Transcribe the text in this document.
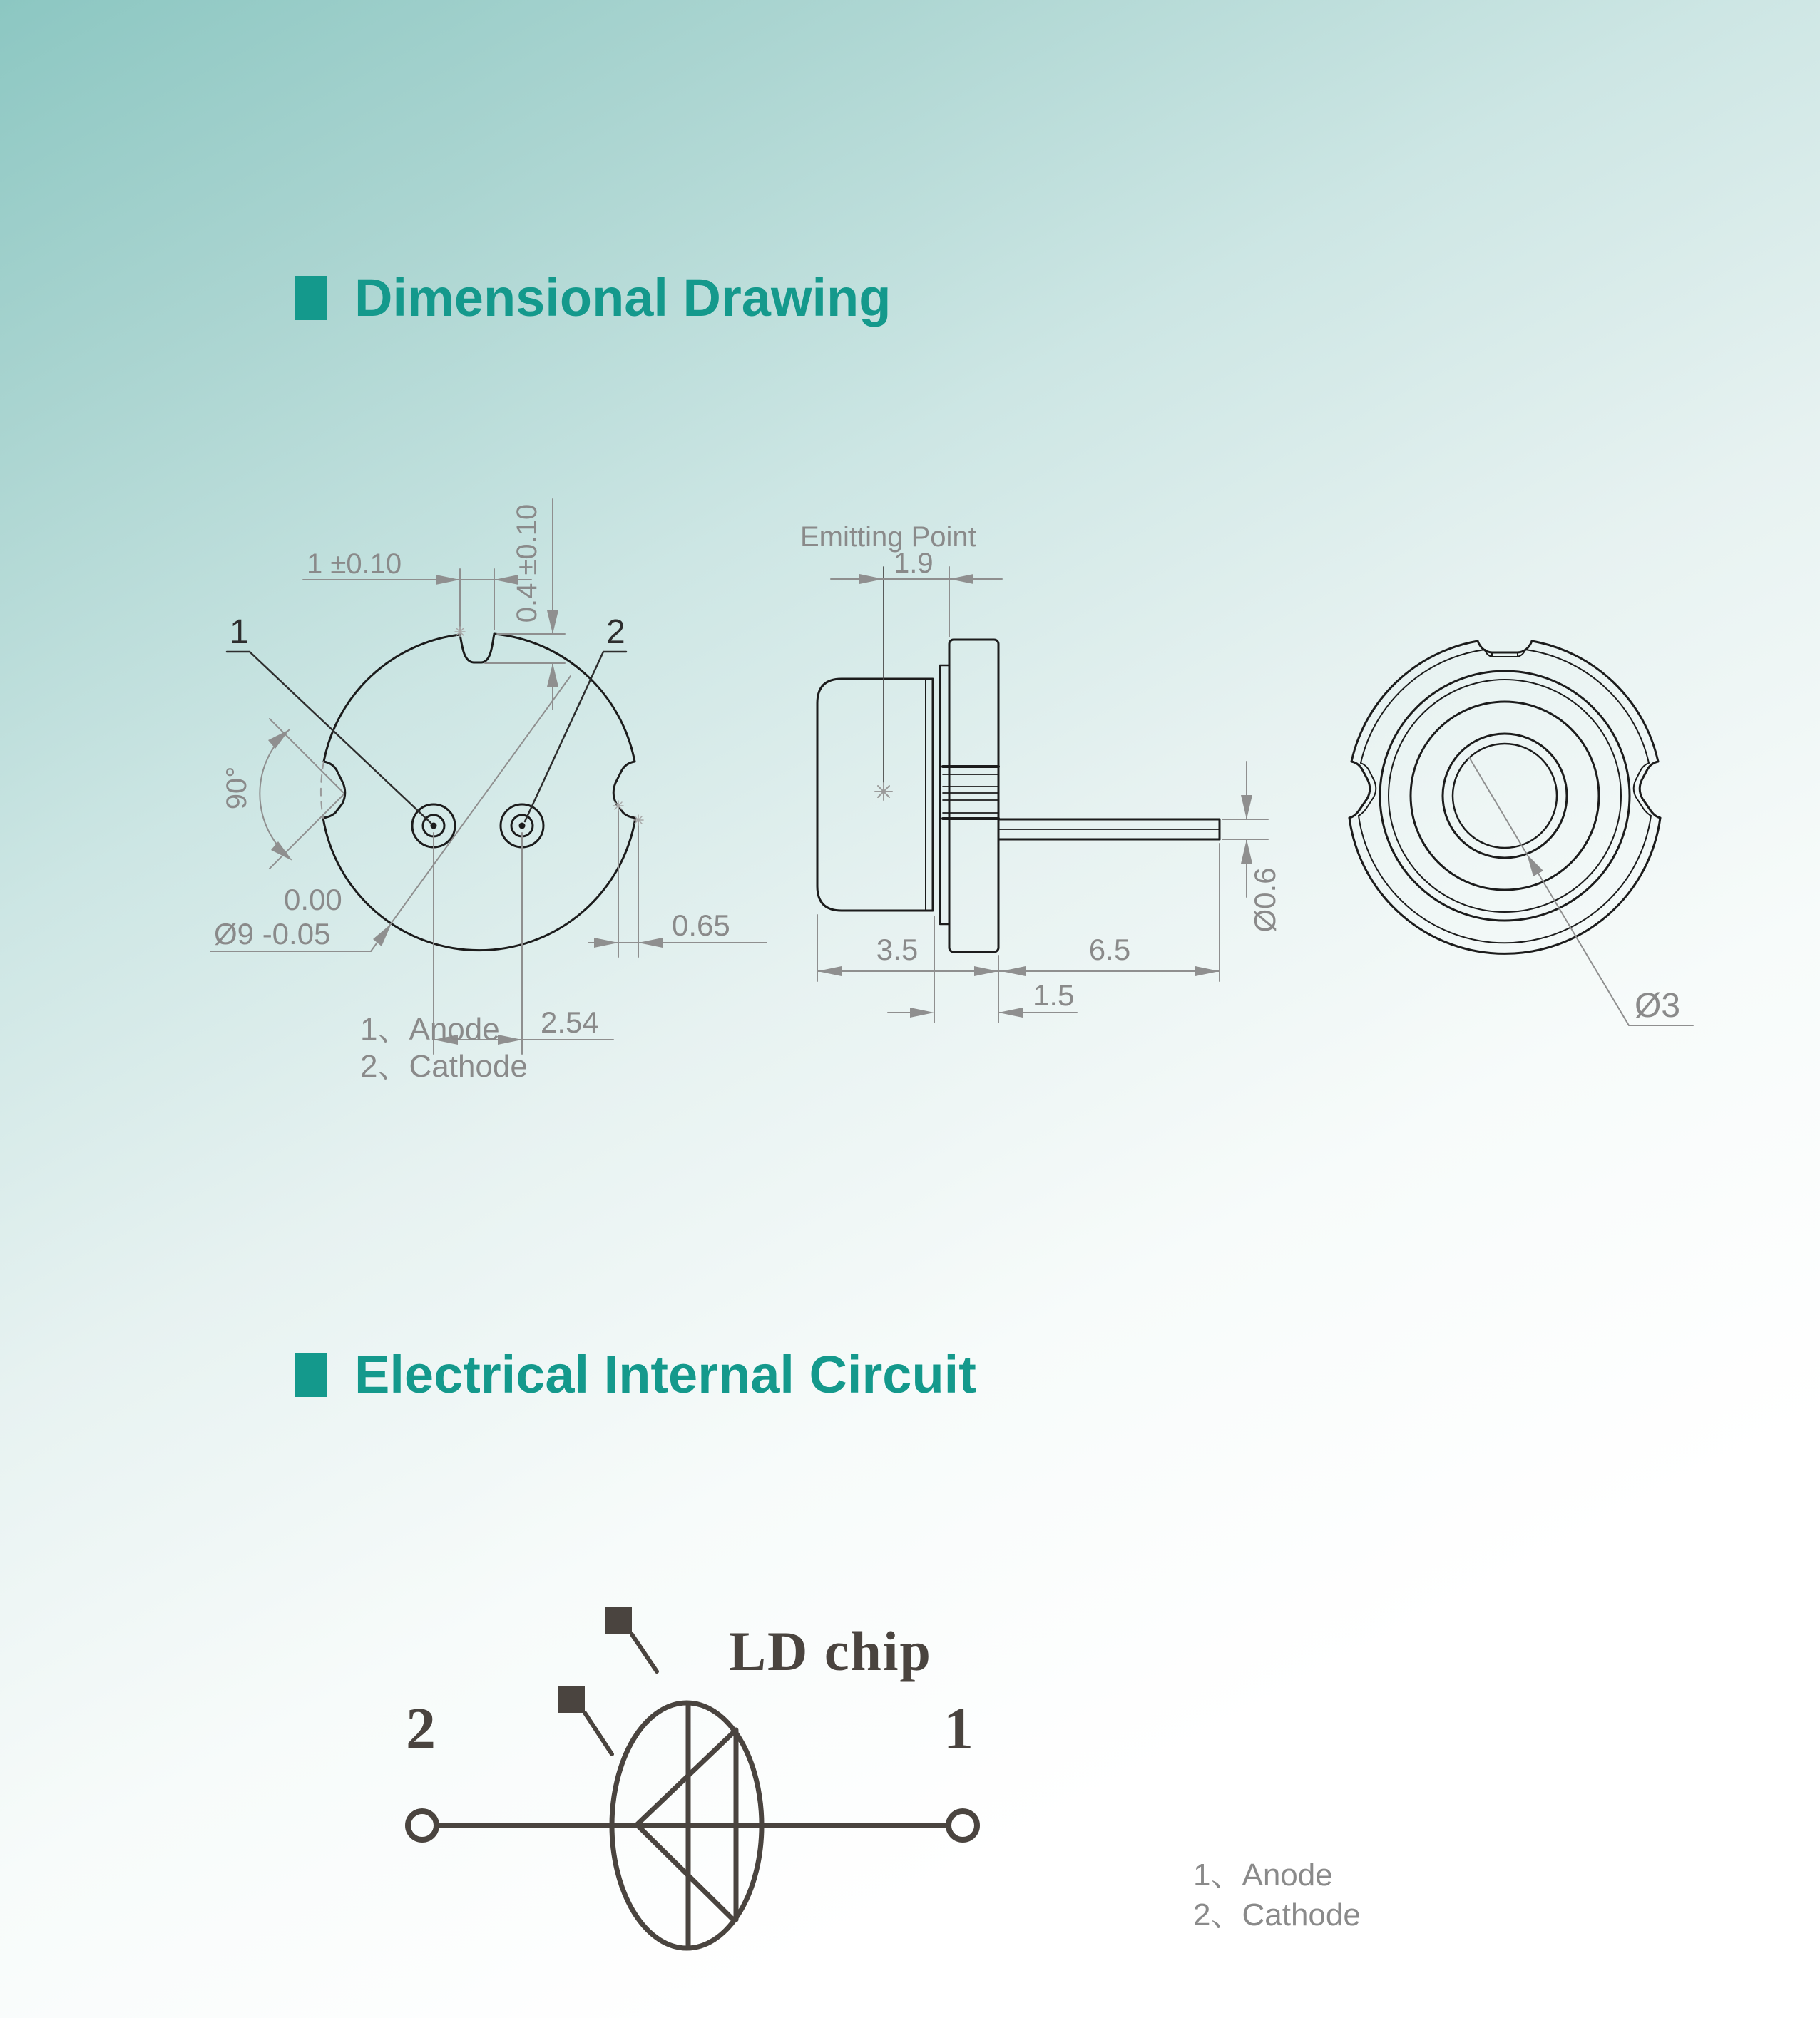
Dimensional Drawing
Electrical Internal Circuit
1	2
90°
1 ±0.10	0.4 ±0.10
0.00
Ø9 -0.05
2.54
0.65
1、Anode
2、Cathode
Emitting Point
1.9
3.5	6.5
1.5
Ø0.6
Ø3
LD chip
2	1
1、Anode
2、Cathode
